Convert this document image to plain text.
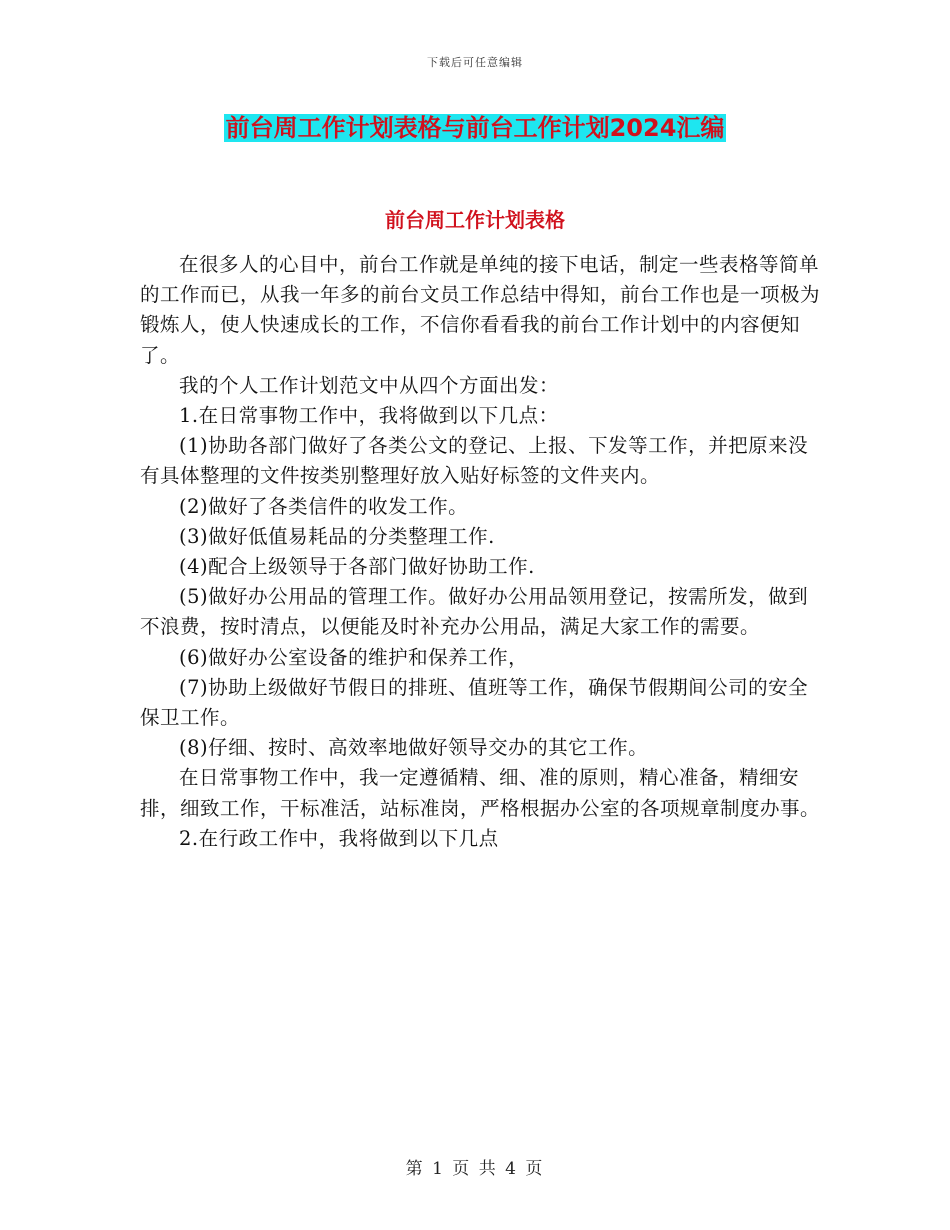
下载后可任意编辑
前台周工作计划表格与前台工作计划2024汇编
前台周工作计划表格

在很多人的心目中，前台工作就是单纯的接下电话，制定一些表格等简单的工作而已，从我一年多的前台文员工作总结中得知，前台工作也是一项极为锻炼人，使人快速成长的工作，不信你看看我的前台工作计划中的内容便知了。

我的个人工作计划范文中从四个方面出发：

1.在日常事物工作中，我将做到以下几点：

(1)协助各部门做好了各类公文的登记、上报、下发等工作，并把原来没有具体整理的文件按类别整理好放入贴好标签的文件夹内。

(2)做好了各类信件的收发工作。

(3)做好低值易耗品的分类整理工作.

(4)配合上级领导于各部门做好协助工作.

(5)做好办公用品的管理工作。做好办公用品领用登记，按需所发，做到不浪费，按时清点，以便能及时补充办公用品，满足大家工作的需要。

(6)做好办公室设备的维护和保养工作，

(7)协助上级做好节假日的排班、值班等工作，确保节假期间公司的安全保卫工作。

(8)仔细、按时、高效率地做好领导交办的其它工作。

在日常事物工作中，我一定遵循精、细、准的原则，精心准备，精细安排，细致工作，干标准活，站标准岗，严格根据办公室的各项规章制度办事。

2.在行政工作中，我将做到以下几点

第 1 页 共 4 页
